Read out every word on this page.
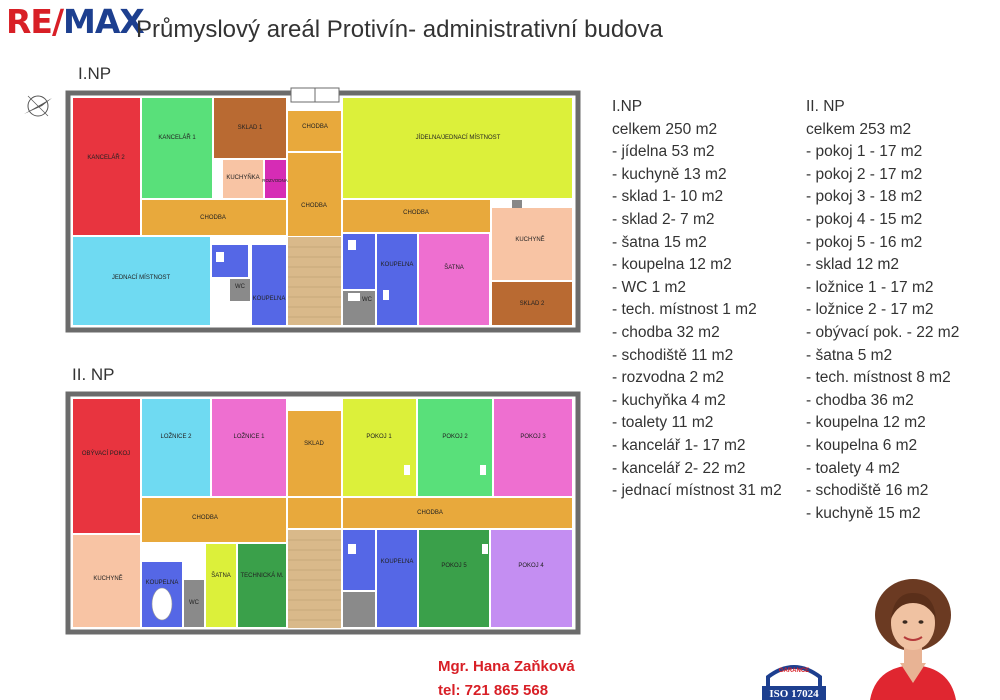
RE/MAX
Průmyslový areál Protivín- administrativní budova
I.NP
II. NP
KANCELÁŘ 2
KANCELÁŘ 1
SKLAD 1	CHODBA
JÍDELNA/JEDNACÍ MÍSTNOST
KUCHYŇKA ROZVODNA
CHODBA
CHODBA
CHODBA
JEDNACÍ MÍSTNOST
WC
KOUPELNA	WC
KOUPELNA	ŠATNA
KUCHYNĚ
SKLAD 2
OBÝVACÍ POKOJ
LOŽNICE 2	LOŽNICE 1
SKLAD
POKOJ 1	POKOJ 2	POKOJ 3
CHODBA
CHODBA
KUCHYNĚ
KOUPELNA
WC
ŠATNA TECHNICKÁ M.
KOUPELNA
POKOJ 5	POKOJ 4
I.NP
celkem 250 m2
- jídelna 53 m2
- kuchyně 13 m2
- sklad 1- 10 m2
- sklad 2- 7 m2
- šatna 15 m2
- koupelna 12 m2
- WC 1 m2
- tech. místnost 1 m2
- chodba 32 m2
- schodiště 11 m2
- rozvodna 2 m2
- kuchyňka 4 m2
- toalety 11 m2
- kancelář 1- 17 m2
- kancelář 2- 22 m2
- jednací místnost 31 m2
II. NP
celkem 253 m2
- pokoj 1 - 17 m2
- pokoj 2 - 17 m2
- pokoj 3 - 18 m2
- pokoj 4 - 15 m2
- pokoj 5 - 16 m2
- sklad 12 m2
- ložnice 1 - 17 m2
- ložnice 2 - 17 m2
- obývací pok. - 22 m2
- šatna 5 m2
- tech. místnost 8 m2
- chodba 36 m2
- koupelna 12 m2
- koupelna 6 m2
- toalety 4 m2
- schodiště 16 m2
- kuchyně 15 m2
Mgr. Hana Zaňková
tel: 721 865 568
GARANCE
ISO 17024
